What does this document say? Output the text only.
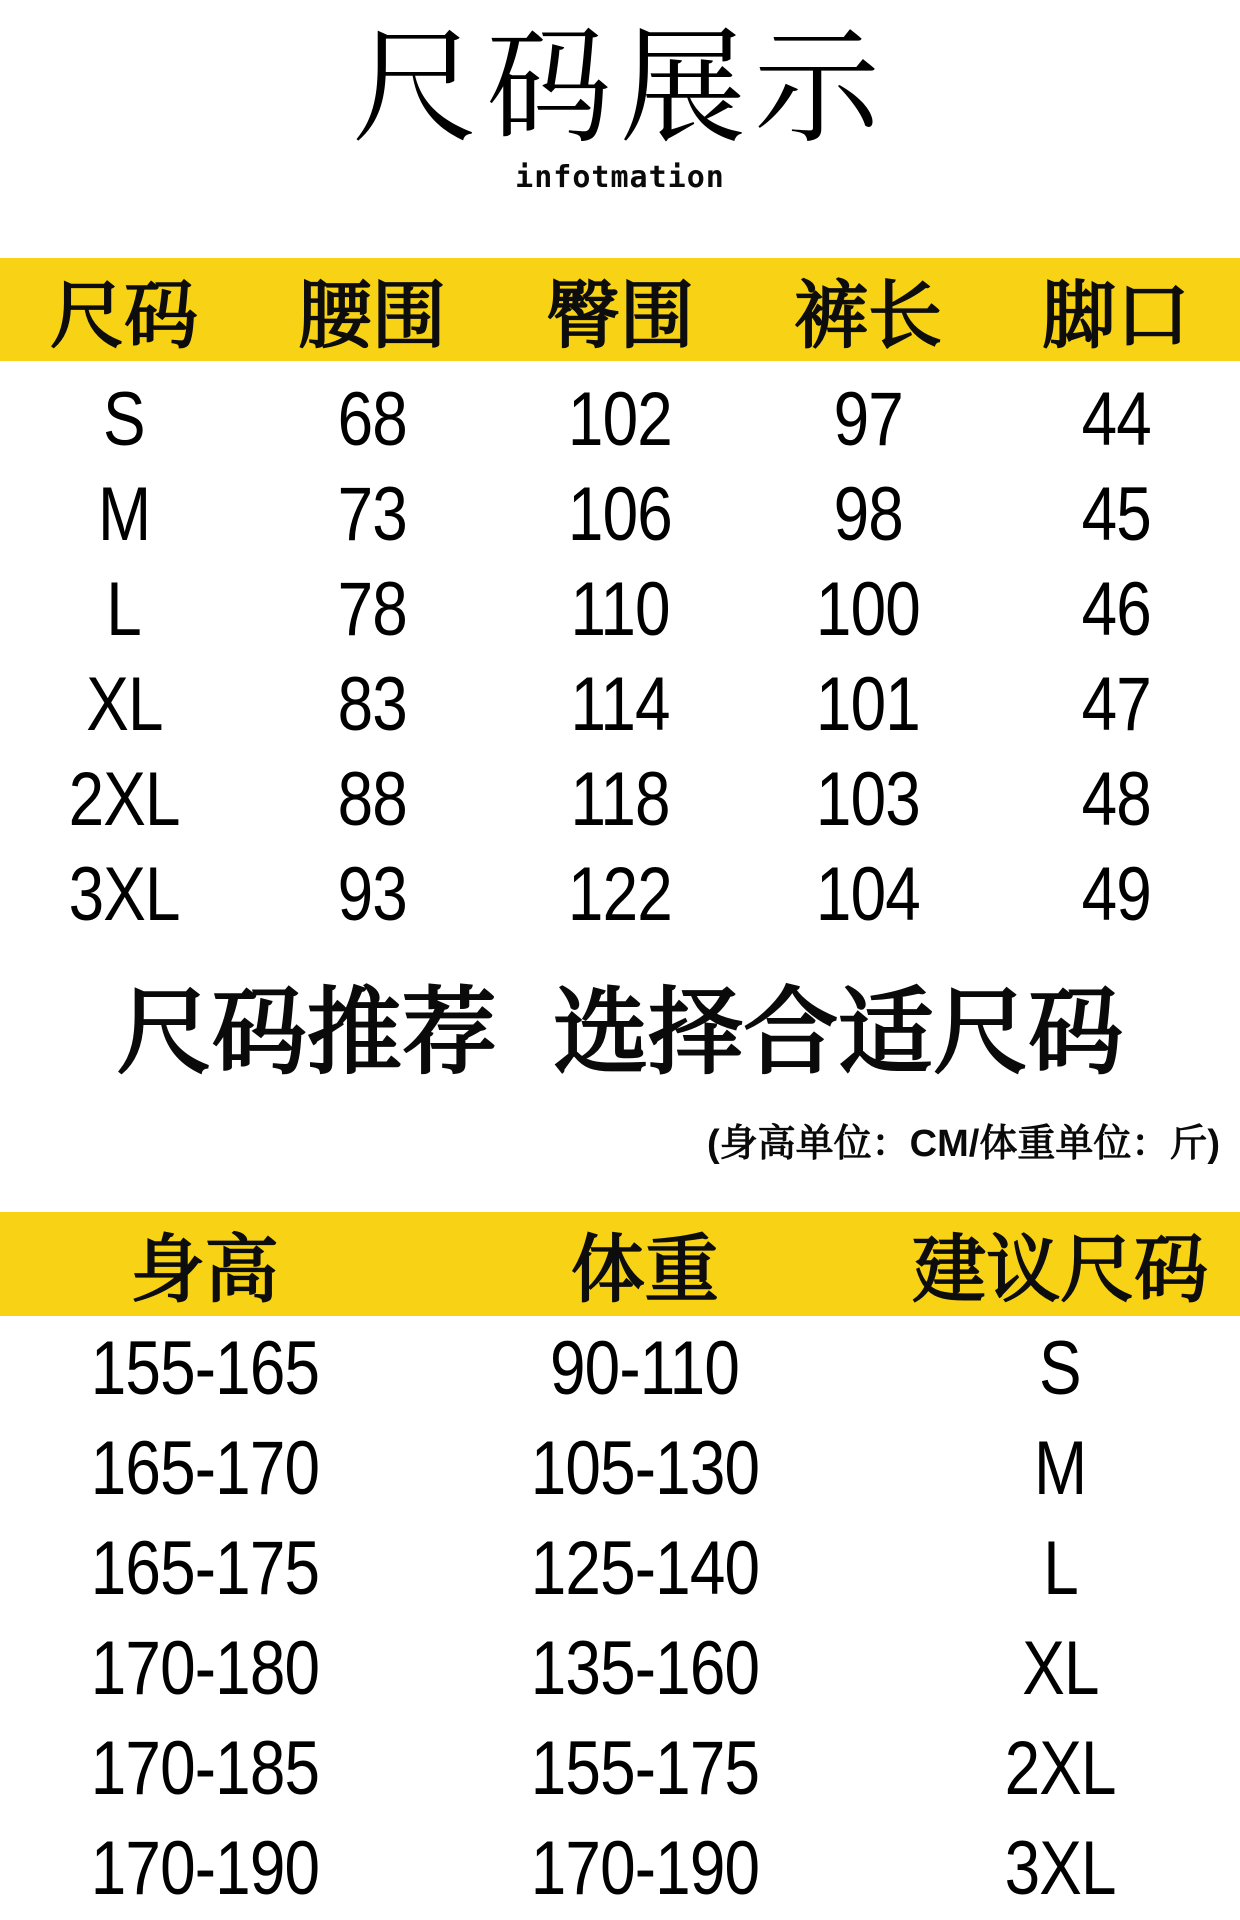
尺码展示
infotmation
尺码	腰围	臀围	裤长	脚口
S	68	102	97	44
M	73	106	98	45
L	78	110	100	46
XL	83	114	101	47
2XL	88	118	103	48
3XL	93	122	104	49
尺码推荐 选择合适尺码
(身高单位：CM/体重单位：斤)
身高	体重	建议尺码
155-165	90-110	S
165-170	105-130	M
165-175	125-140	L
170-180	135-160	XL
170-185	155-175	2XL
170-190	170-190	3XL
